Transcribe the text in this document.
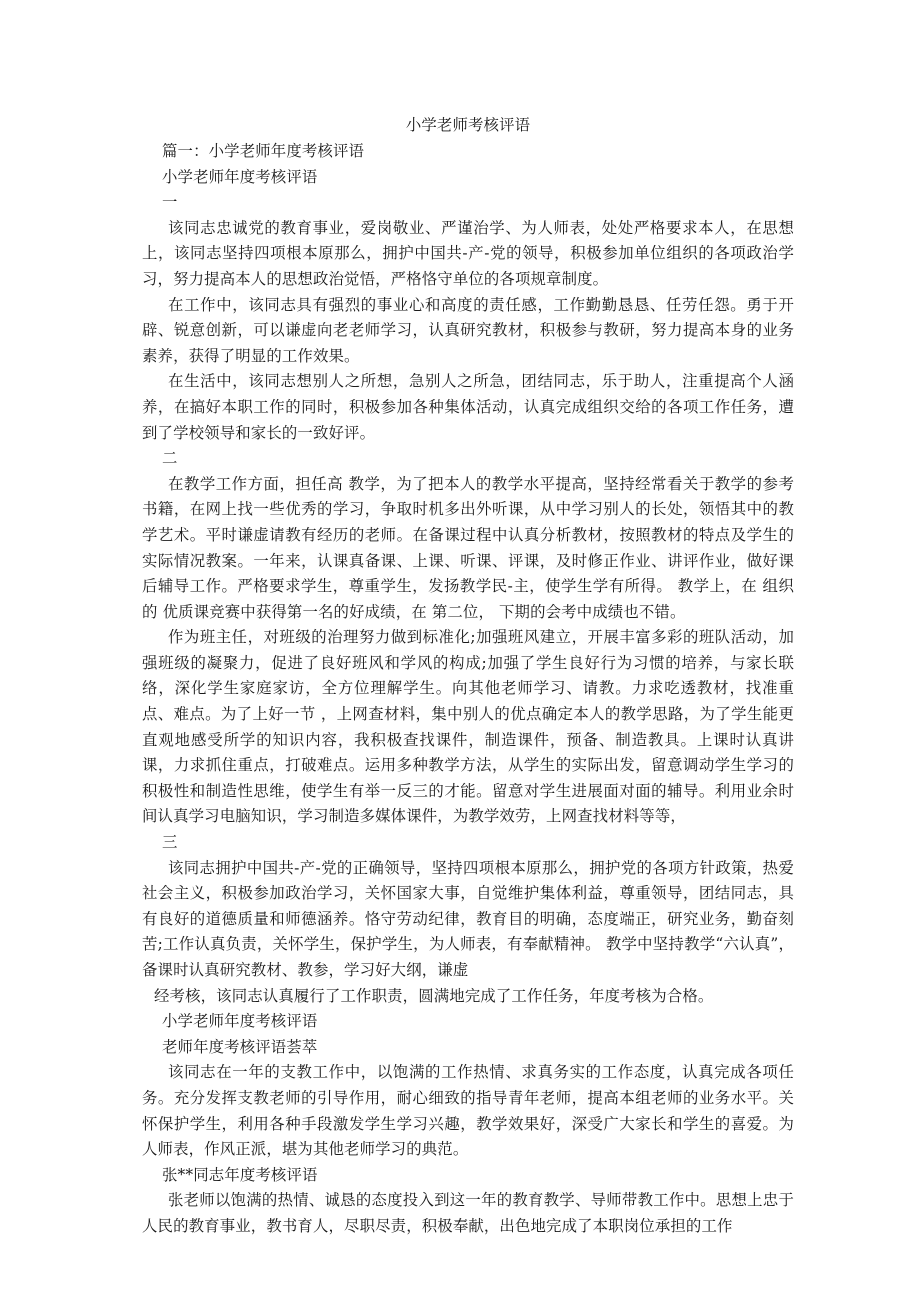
小学老师考核评语

篇一：小学老师年度考核评语

小学老师年度考核评语

一

该同志忠诚党的教育事业，爱岗敬业、严谨治学、为人师表，处处严格要求本人，在思想上，该同志坚持四项根本原那么，拥护中国共-产-党的领导，积极参加单位组织的各项政治学习，努力提高本人的思想政治觉悟，严格恪守单位的各项规章制度。

在工作中，该同志具有强烈的事业心和高度的责任感，工作勤勤恳恳、任劳任怨。勇于开辟、锐意创新，可以谦虚向老老师学习，认真研究教材，积极参与教研，努力提高本身的业务素养，获得了明显的工作效果。

在生活中，该同志想别人之所想，急别人之所急，团结同志，乐于助人，注重提高个人涵养，在搞好本职工作的同时，积极参加各种集体活动，认真完成组织交给的各项工作任务，遭到了学校领导和家长的一致好评。

二

在教学工作方面，担任高 教学，为了把本人的教学水平提高，坚持经常看关于教学的参考书籍，在网上找一些优秀的学习，争取时机多出外听课，从中学习别人的长处，领悟其中的教学艺术。平时谦虚请教有经历的老师。在备课过程中认真分析教材，按照教材的特点及学生的实际情况教案。一年来，认课真备课、上课、听课、评课，及时修正作业、讲评作业，做好课后辅导工作。严格要求学生，尊重学生，发扬教学民-主，使学生学有所得。 教学上，在 组织的 优质课竞赛中获得第一名的好成绩，在 第二位， 下期的会考中成绩也不错。

作为班主任，对班级的治理努力做到标准化;加强班风建立，开展丰富多彩的班队活动，加强班级的凝聚力，促进了良好班风和学风的构成;加强了学生良好行为习惯的培养，与家长联络，深化学生家庭家访，全方位理解学生。向其他老师学习、请教。力求吃透教材，找准重点、难点。为了上好一节 ，上网查材料，集中别人的优点确定本人的教学思路，为了学生能更直观地感受所学的知识内容，我积极查找课件，制造课件，预备、制造教具。上课时认真讲课，力求抓住重点，打破难点。运用多种教学方法，从学生的实际出发，留意调动学生学习的积极性和制造性思维，使学生有举一反三的才能。留意对学生进展面对面的辅导。利用业余时间认真学习电脑知识，学习制造多媒体课件，为教学效劳，上网查找材料等等，

三

该同志拥护中国共-产-党的正确领导，坚持四项根本原那么，拥护党的各项方针政策，热爱社会主义，积极参加政治学习，关怀国家大事，自觉维护集体利益，尊重领导，团结同志，具有良好的道德质量和师德涵养。恪守劳动纪律，教育目的明确，态度端正，研究业务，勤奋刻苦;工作认真负责，关怀学生，保护学生，为人师表，有奉献精神。 教学中坚持教学“六认真”，备课时认真研究教材、教参，学习好大纲，谦虚

经考核，该同志认真履行了工作职责，圆满地完成了工作任务，年度考核为合格。

小学老师年度考核评语

老师年度考核评语荟萃

该同志在一年的支教工作中，以饱满的工作热情、求真务实的工作态度，认真完成各项任务。充分发挥支教老师的引导作用，耐心细致的指导青年老师，提高本组老师的业务水平。关怀保护学生，利用各种手段激发学生学习兴趣，教学效果好，深受广大家长和学生的喜爱。为人师表，作风正派，堪为其他老师学习的典范。

张**同志年度考核评语

张老师以饱满的热情、诚恳的态度投入到这一年的教育教学、导师带教工作中。思想上忠于人民的教育事业，教书育人，尽职尽责，积极奉献，出色地完成了本职岗位承担的工作
